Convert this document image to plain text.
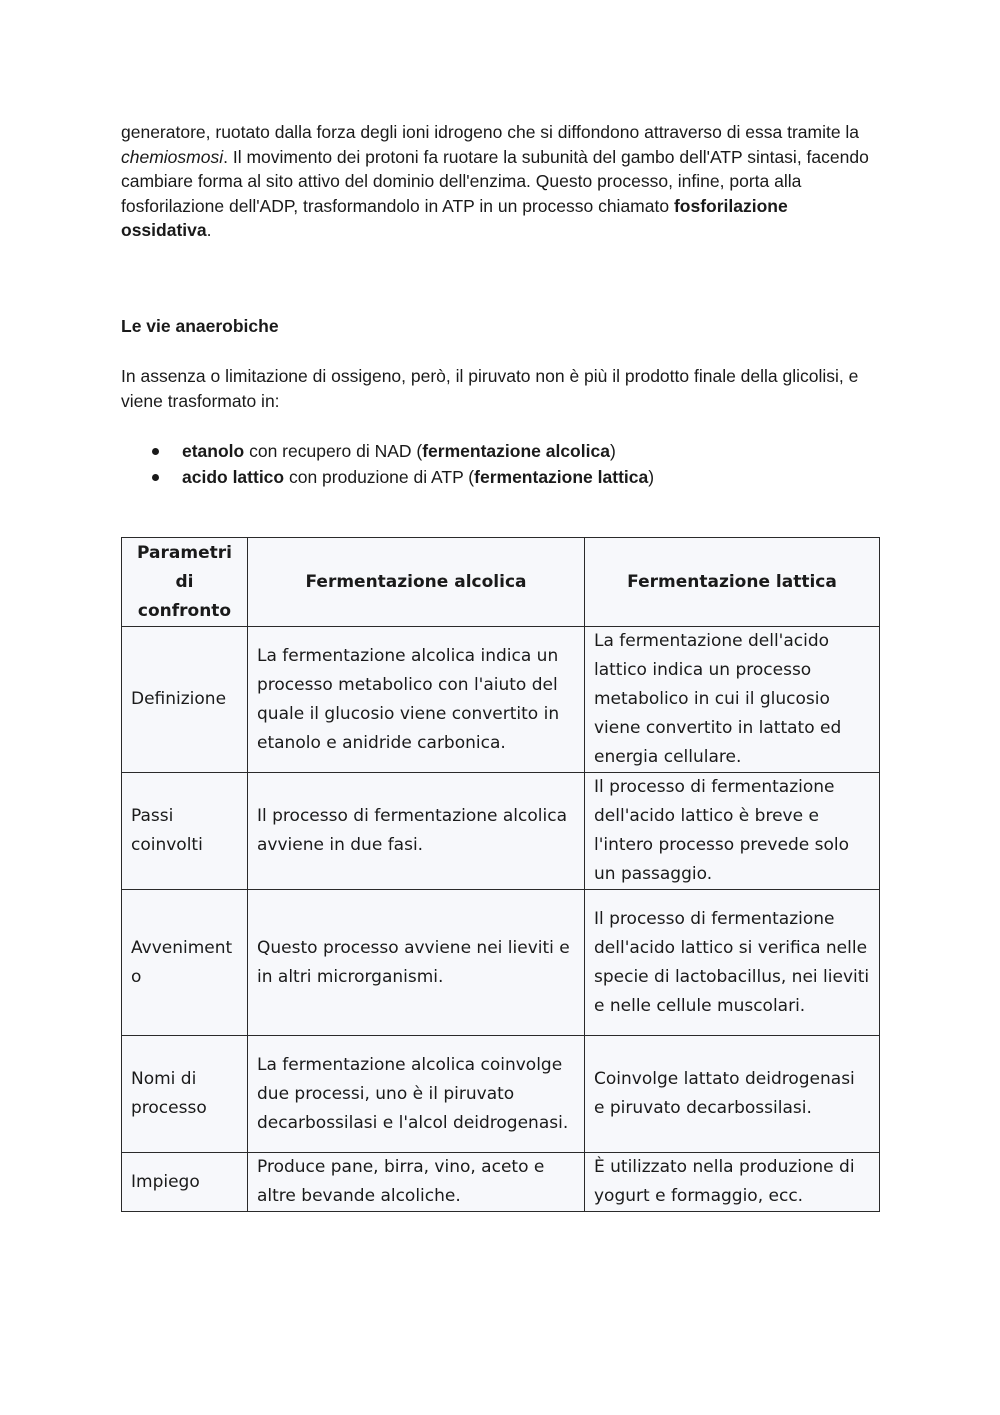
generatore, ruotato dalla forza degli ioni idrogeno che si diffondono attraverso di essa tramite la chemiosmosi. Il movimento dei protoni fa ruotare la subunità del gambo dell'ATP sintasi, facendo cambiare forma al sito attivo del dominio dell'enzima. Questo processo, infine, porta alla fosforilazione dell'ADP, trasformandolo in ATP in un processo chiamato fosforilazione ossidativa.

Le vie anaerobiche

In assenza o limitazione di ossigeno, però, il piruvato non è più il prodotto finale della glicolisi, e viene trasformato in:

etanolo con recupero di NAD (fermentazione alcolica)
acido lattico con produzione di ATP (fermentazione lattica)
Parametri di confronto	Fermentazione alcolica	Fermentazione lattica
Definizione	La fermentazione alcolica indica un processo metabolico con l'aiuto del quale il glucosio viene convertito in etanolo e anidride carbonica.	La fermentazione dell'acido lattico indica un processo metabolico in cui il glucosio viene convertito in lattato ed energia cellulare.
Passi coinvolti	Il processo di fermentazione alcolica avviene in due fasi.	Il processo di fermentazione dell'acido lattico è breve e l'intero processo prevede solo un passaggio.
Avvenimento	Questo processo avviene nei lieviti e in altri microrganismi.	Il processo di fermentazione dell'acido lattico si verifica nelle specie di lactobacillus, nei lieviti e nelle cellule muscolari.
Nomi di processo	La fermentazione alcolica coinvolge due processi, uno è il piruvato decarbossilasi e l'alcol deidrogenasi.	Coinvolge lattato deidrogenasi e piruvato decarbossilasi.
Impiego	Produce pane, birra, vino, aceto e altre bevande alcoliche.	È utilizzato nella produzione di yogurt e formaggio, ecc.
